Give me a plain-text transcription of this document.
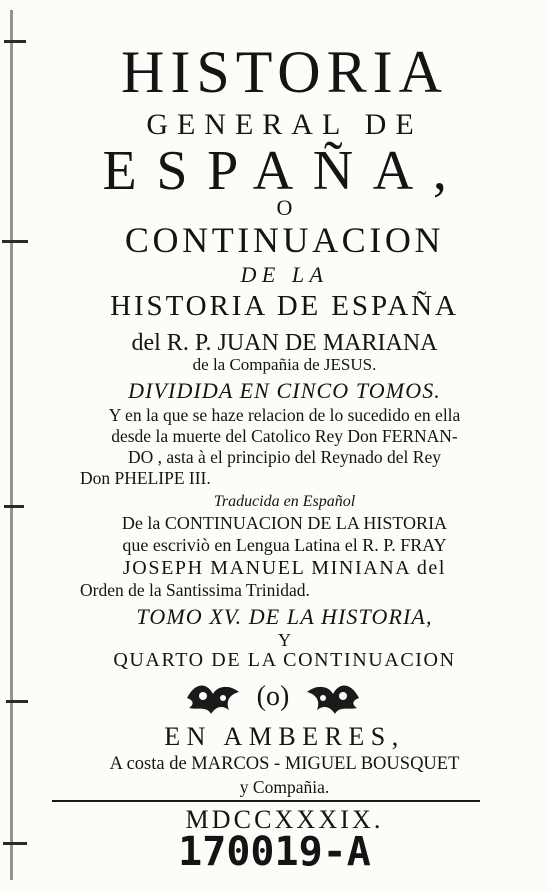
HISTORIA
GENERAL DE
ESPAÑA,
O
CONTINUACION
DE LA
HISTORIA DE ESPAÑA
del R. P. JUAN DE MARIANA
de la Compañia de JESUS.
DIVIDIDA EN CINCO TOMOS.
Y en la que se haze relacion de lo sucedido en ella
desde la muerte del Catolico Rey Don FERNAN-
DO , asta à el principio del Reynado del Rey
Don PHELIPE III.
Traducida en Español
De la CONTINUACION DE LA HISTORIA
que escriviò en Lengua Latina el R. P. FRAY
JOSEPH MANUEL MINIANA del
Orden de la Santissima Trinidad.
TOMO XV. DE LA HISTORIA,
Y
QUARTO DE LA CONTINUACION
(o)
EN AMBERES,
A costa de MARCOS - MIGUEL BOUSQUET
y Compañia.
MDCCXXXIX.
170019-A
